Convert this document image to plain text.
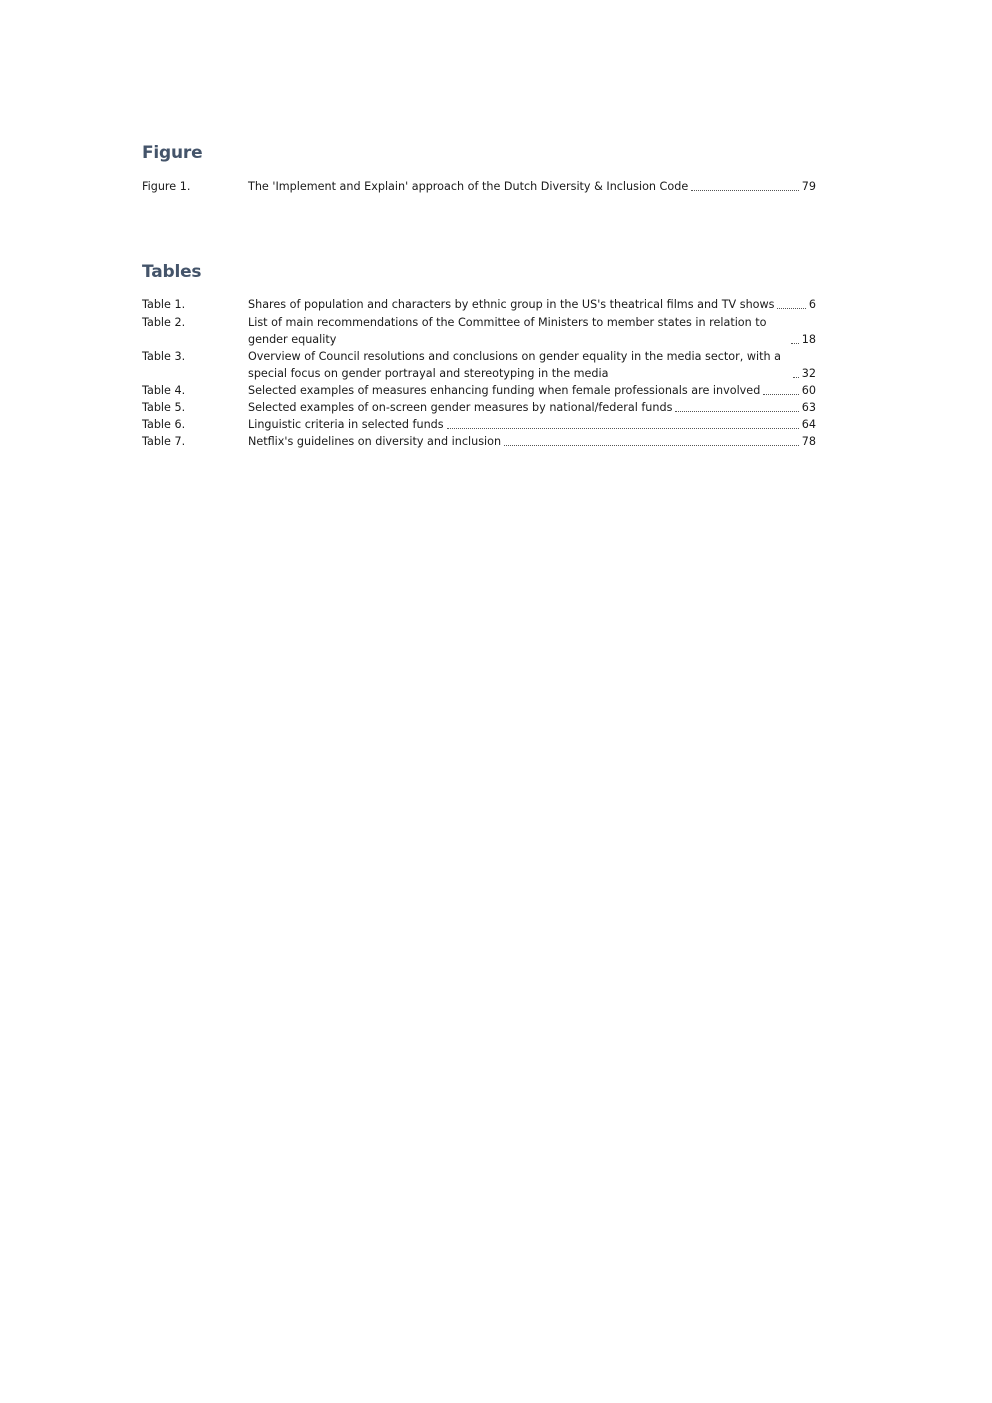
Figure
Figure 1.	The 'Implement and Explain' approach of the Dutch Diversity & Inclusion Code	79
Tables
Table 1.	Shares of population and characters by ethnic group in the US's theatrical films and TV shows	6
Table 2.	List of main recommendations of the Committee of Ministers to member states in relation to gender equality	18
Table 3.	Overview of Council resolutions and conclusions on gender equality in the media sector, with a special focus on gender portrayal and stereotyping in the media	32
Table 4.	Selected examples of measures enhancing funding when female professionals are involved	60
Table 5.	Selected examples of on-screen gender measures by national/federal funds	63
Table 6.	Linguistic criteria in selected funds	64
Table 7.	Netflix's guidelines on diversity and inclusion	78
